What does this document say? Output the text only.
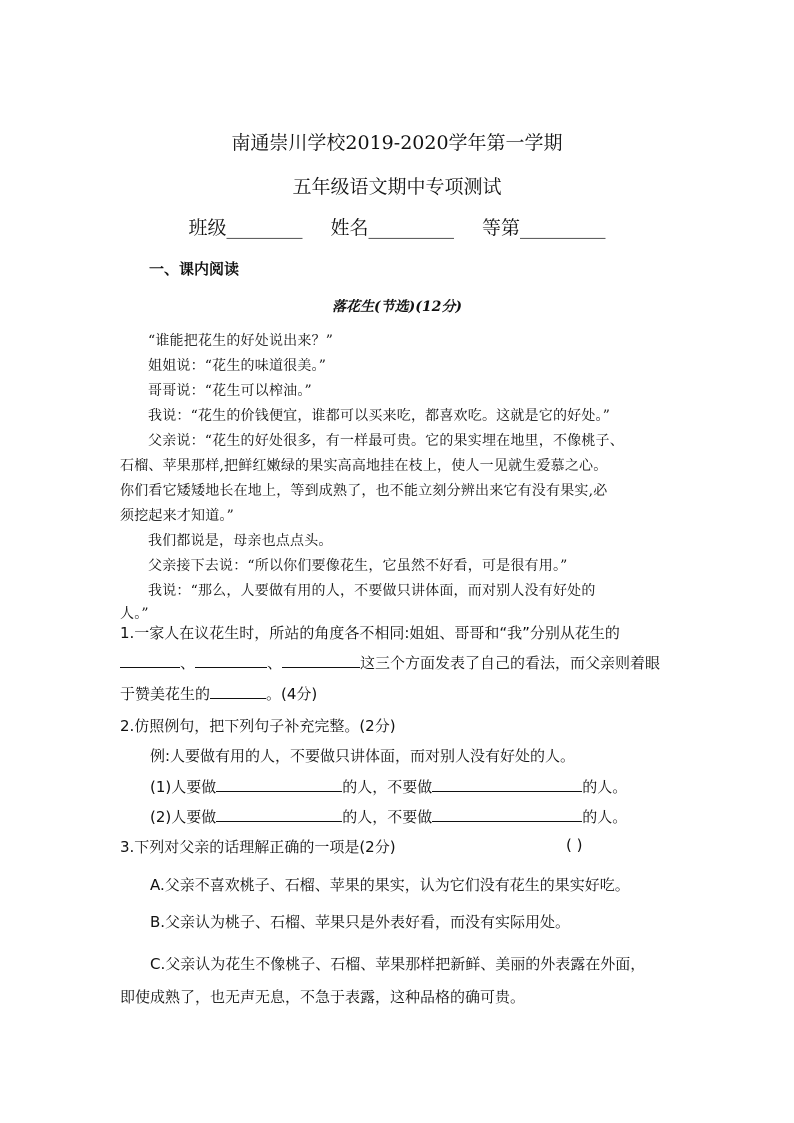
南通崇川学校2019-2020学年第一学期
五年级语文期中专项测试
班级________ 姓名_________ 等第_________
一、课内阅读
落花生(节选)(12分)
“谁能把花生的好处说出来？”
姐姐说：“花生的味道很美。”
哥哥说：“花生可以榨油。”
我说：“花生的价钱便宜，谁都可以买来吃，都喜欢吃。这就是它的好处。”
父亲说：“花生的好处很多，有一样最可贵。它的果实埋在地里，不像桃子、
石榴、苹果那样,把鲜红嫩绿的果实高高地挂在枝上，使人一见就生爱慕之心。
你们看它矮矮地长在地上，等到成熟了，也不能立刻分辨出来它有没有果实,必
须挖起来才知道。”
我们都说是，母亲也点点头。
父亲接下去说：“所以你们要像花生，它虽然不好看，可是很有用。”
我说：“那么，人要做有用的人，不要做只讲体面，而对别人没有好处的
人。”
1.一家人在议花生时，所站的角度各不相同:姐姐、哥哥和“我”分别从花生的
、	、	这三个方面发表了自己的看法，而父亲则着眼
于赞美花生的	。(4分)
2.仿照例句，把下列句子补充完整。(2分)
例:人要做有用的人，不要做只讲体面，而对别人没有好处的人。
(1)人要做	的人，不要做	的人。
(2)人要做	的人，不要做	的人。
3.下列对父亲的话理解正确的一项是(2分)	( )
A.父亲不喜欢桃子、石榴、苹果的果实，认为它们没有花生的果实好吃。
B.父亲认为桃子、石榴、苹果只是外表好看，而没有实际用处。
C.父亲认为花生不像桃子、石榴、苹果那样把新鲜、美丽的外表露在外面，
即使成熟了，也无声无息，不急于表露，这种品格的确可贵。
